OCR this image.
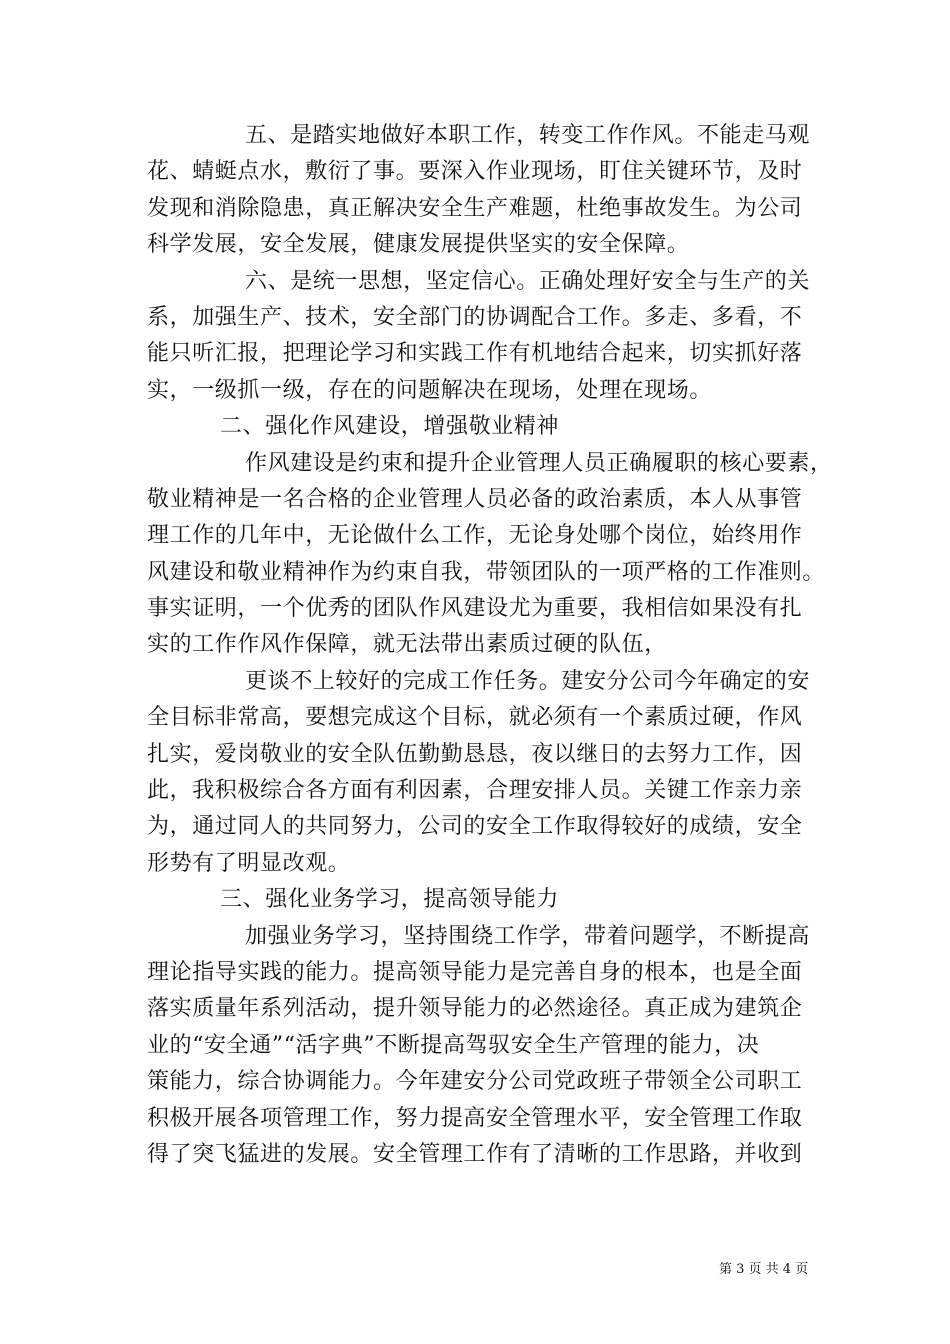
五、是踏实地做好本职工作，转变工作作风。不能走马观
花、蜻蜓点水，敷衍了事。要深入作业现场，盯住关键环节，及时
发现和消除隐患，真正解决安全生产难题，杜绝事故发生。为公司
科学发展，安全发展，健康发展提供坚实的安全保障。
六、是统一思想，坚定信心。正确处理好安全与生产的关
系，加强生产、技术，安全部门的协调配合工作。多走、多看，不
能只听汇报，把理论学习和实践工作有机地结合起来，切实抓好落
实，一级抓一级，存在的问题解决在现场，处理在现场。
二、强化作风建设，增强敬业精神
作风建设是约束和提升企业管理人员正确履职的核心要素，
敬业精神是一名合格的企业管理人员必备的政治素质，本人从事管
理工作的几年中，无论做什么工作，无论身处哪个岗位，始终用作
风建设和敬业精神作为约束自我，带领团队的一项严格的工作准则。
事实证明，一个优秀的团队作风建设尤为重要，我相信如果没有扎
实的工作作风作保障，就无法带出素质过硬的队伍，
更谈不上较好的完成工作任务。建安分公司今年确定的安
全目标非常高，要想完成这个目标，就必须有一个素质过硬，作风
扎实，爱岗敬业的安全队伍勤勤恳恳，夜以继日的去努力工作，因
此，我积极综合各方面有利因素，合理安排人员。关键工作亲力亲
为，通过同人的共同努力，公司的安全工作取得较好的成绩，安全
形势有了明显改观。
三、强化业务学习，提高领导能力
加强业务学习，坚持围绕工作学，带着问题学，不断提高
理论指导实践的能力。提高领导能力是完善自身的根本，也是全面
落实质量年系列活动，提升领导能力的必然途径。真正成为建筑企
业的“安全通”“活字典”不断提高驾驭安全生产管理的能力，决
策能力，综合协调能力。今年建安分公司党政班子带领全公司职工
积极开展各项管理工作，努力提高安全管理水平，安全管理工作取
得了突飞猛进的发展。安全管理工作有了清晰的工作思路，并收到
第 3 页 共 4 页
